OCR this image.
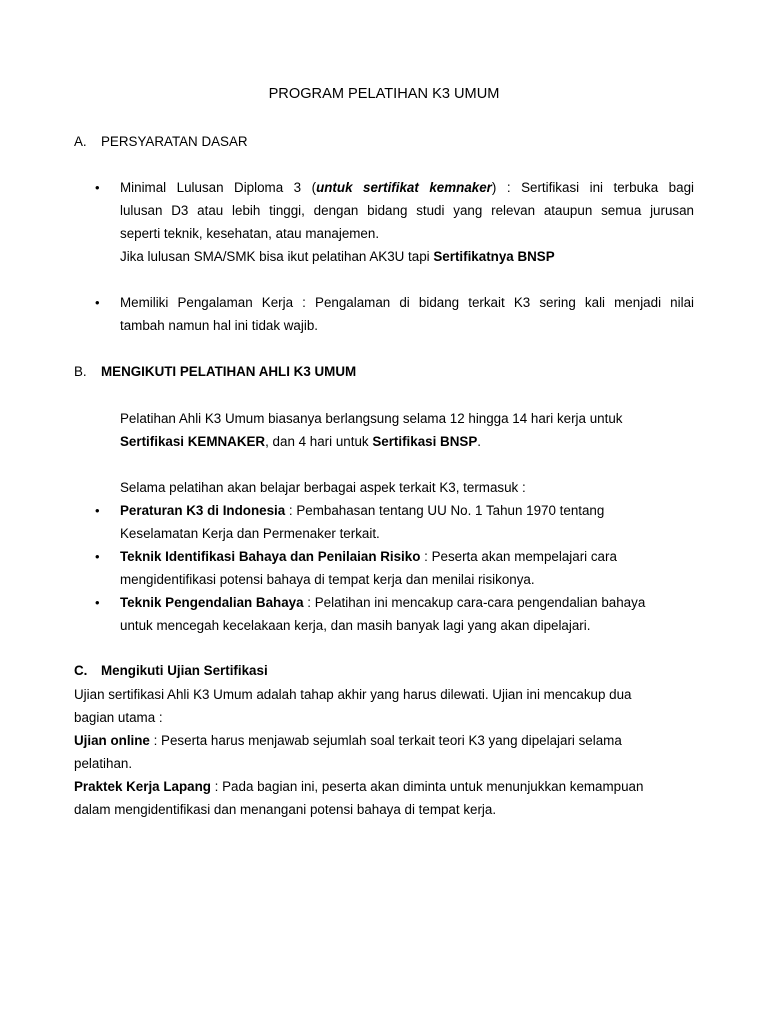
PROGRAM PELATIHAN K3 UMUM
A. PERSYARATAN DASAR
• Minimal Lulusan Diploma 3 (untuk sertifikat kemnaker) : Sertifikasi ini terbuka bagi
lulusan D3 atau lebih tinggi, dengan bidang studi yang relevan ataupun semua jurusan
seperti teknik, kesehatan, atau manajemen.
Jika lulusan SMA/SMK bisa ikut pelatihan AK3U tapi Sertifikatnya BNSP
• Memiliki Pengalaman Kerja : Pengalaman di bidang terkait K3 sering kali menjadi nilai
tambah namun hal ini tidak wajib.
B. MENGIKUTI PELATIHAN AHLI K3 UMUM
Pelatihan Ahli K3 Umum biasanya berlangsung selama 12 hingga 14 hari kerja untuk
Sertifikasi KEMNAKER, dan 4 hari untuk Sertifikasi BNSP.
Selama pelatihan akan belajar berbagai aspek terkait K3, termasuk :
• Peraturan K3 di Indonesia : Pembahasan tentang UU No. 1 Tahun 1970 tentang
Keselamatan Kerja dan Permenaker terkait.
• Teknik Identifikasi Bahaya dan Penilaian Risiko : Peserta akan mempelajari cara
mengidentifikasi potensi bahaya di tempat kerja dan menilai risikonya.
• Teknik Pengendalian Bahaya : Pelatihan ini mencakup cara-cara pengendalian bahaya
untuk mencegah kecelakaan kerja, dan masih banyak lagi yang akan dipelajari.
C. Mengikuti Ujian Sertifikasi
Ujian sertifikasi Ahli K3 Umum adalah tahap akhir yang harus dilewati. Ujian ini mencakup dua
bagian utama :
Ujian online : Peserta harus menjawab sejumlah soal terkait teori K3 yang dipelajari selama
pelatihan.
Praktek Kerja Lapang : Pada bagian ini, peserta akan diminta untuk menunjukkan kemampuan
dalam mengidentifikasi dan menangani potensi bahaya di tempat kerja.
